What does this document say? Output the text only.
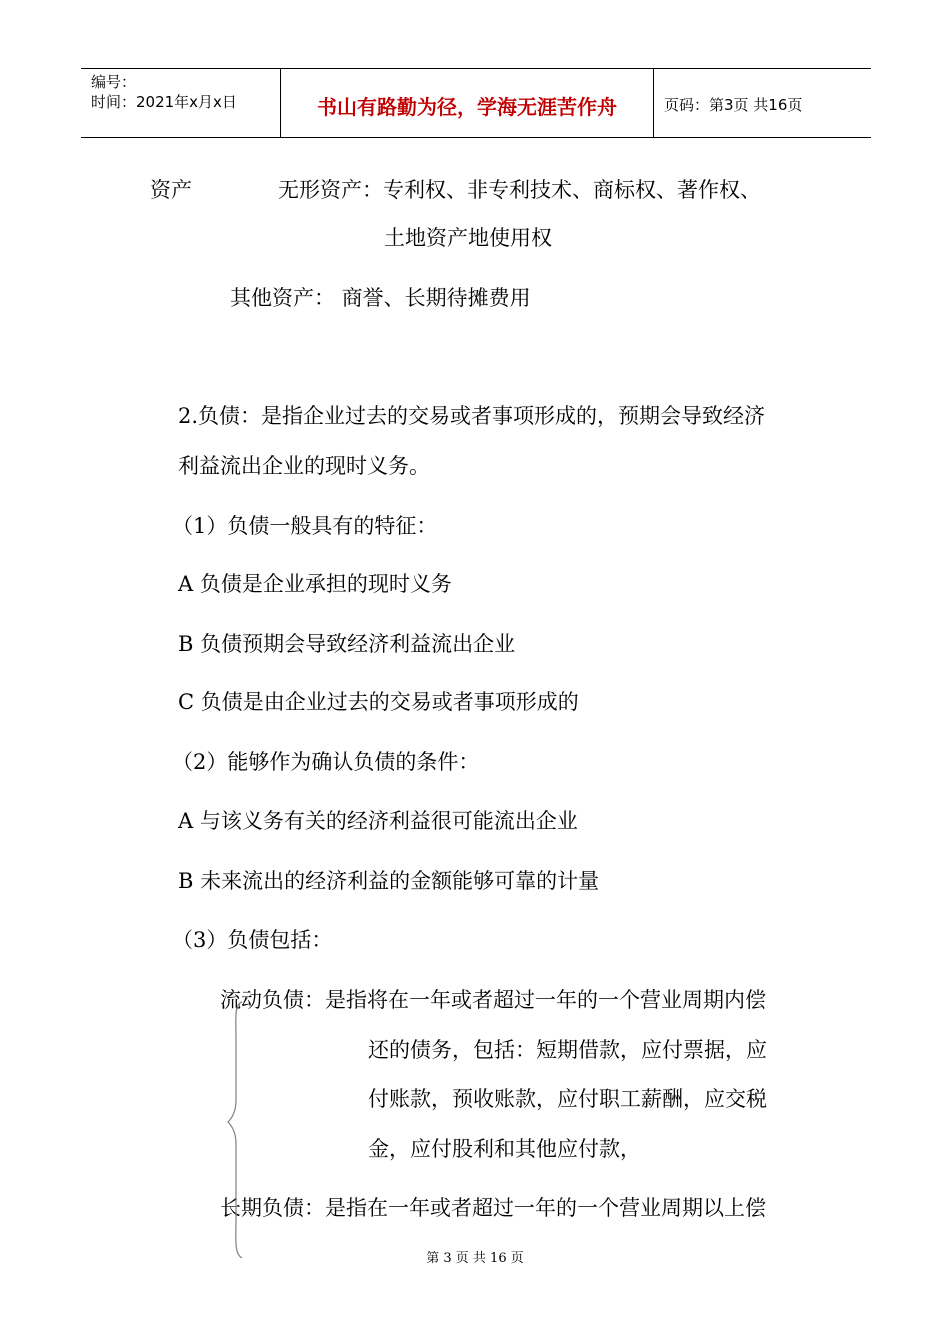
编号：
时间：2021年x月x日	书山有路勤为径，学海无涯苦作舟	页码：第3页 共16页
资产	无形资产：专利权、非专利技术、商标权、著作权、
土地资产地使用权
其他资产： 商誉、长期待摊费用
2.负债：是指企业过去的交易或者事项形成的，预期会导致经济
利益流出企业的现时义务。
（1）负债一般具有的特征：
A 负债是企业承担的现时义务
B 负债预期会导致经济利益流出企业
C 负债是由企业过去的交易或者事项形成的
（2）能够作为确认负债的条件：
A 与该义务有关的经济利益很可能流出企业
B 未来流出的经济利益的金额能够可靠的计量
（3）负债包括：
流动负债：是指将在一年或者超过一年的一个营业周期内偿
还的债务，包括：短期借款，应付票据，应
付账款，预收账款，应付职工薪酬，应交税
金，应付股利和其他应付款，
长期负债：是指在一年或者超过一年的一个营业周期以上偿
第 3 页 共 16 页
